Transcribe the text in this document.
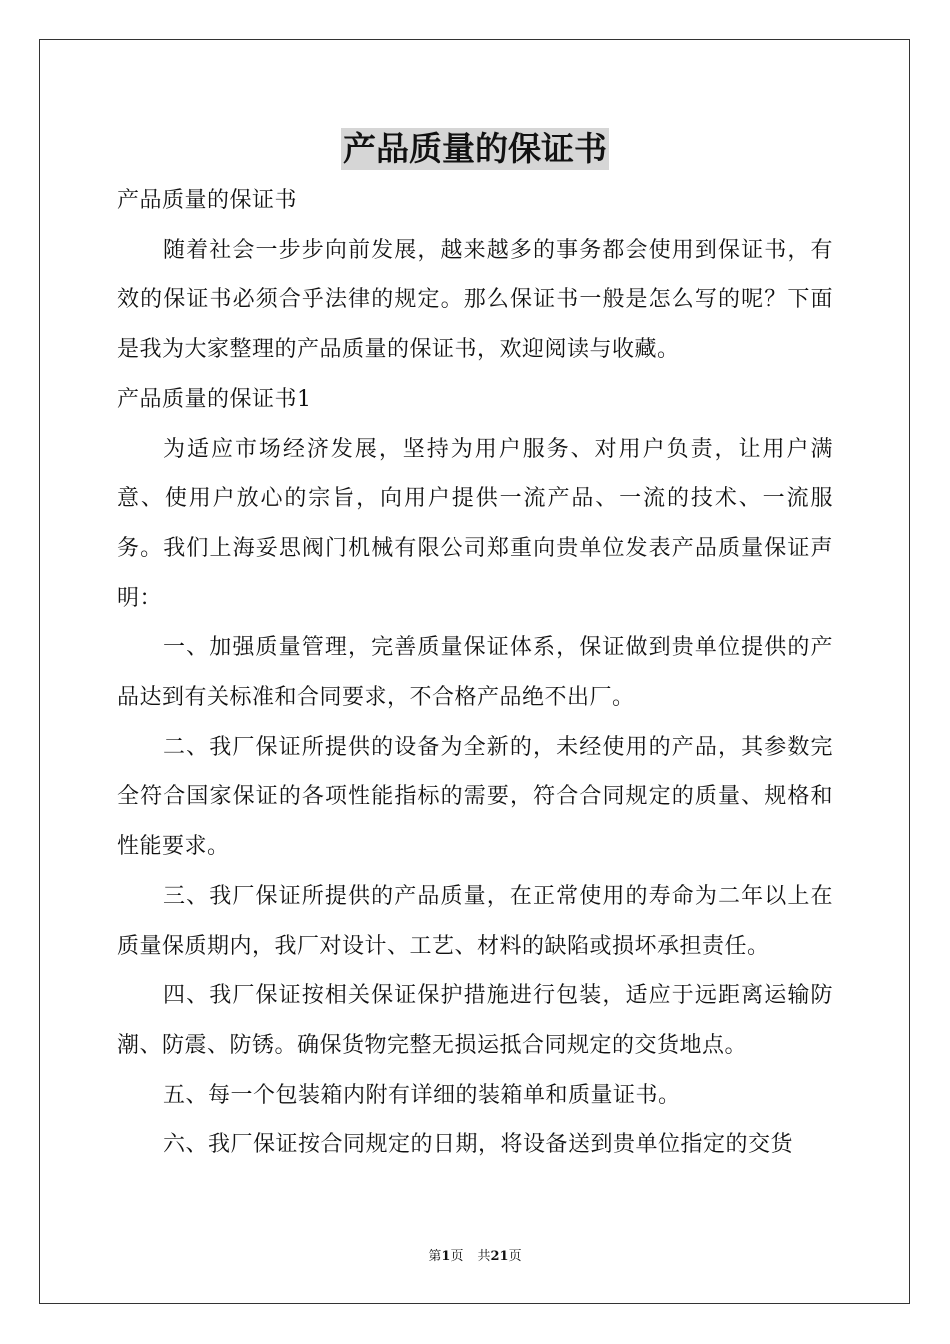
产品质量的保证书

产品质量的保证书

随着社会一步步向前发展，越来越多的事务都会使用到保证书，有效的保证书必须合乎法律的规定。那么保证书一般是怎么写的呢？下面是我为大家整理的产品质量的保证书，欢迎阅读与收藏。

产品质量的保证书1

为适应市场经济发展，坚持为用户服务、对用户负责，让用户满意、使用户放心的宗旨，向用户提供一流产品、一流的技术、一流服务。我们上海妥思阀门机械有限公司郑重向贵单位发表产品质量保证声明：

一、加强质量管理，完善质量保证体系，保证做到贵单位提供的产品达到有关标准和合同要求，不合格产品绝不出厂。

二、我厂保证所提供的设备为全新的，未经使用的产品，其参数完全符合国家保证的各项性能指标的需要，符合合同规定的质量、规格和性能要求。

三、我厂保证所提供的产品质量，在正常使用的寿命为二年以上在质量保质期内，我厂对设计、工艺、材料的缺陷或损坏承担责任。

四、我厂保证按相关保证保护措施进行包装，适应于远距离运输防潮、防震、防锈。确保货物完整无损运抵合同规定的交货地点。

五、每一个包装箱内附有详细的装箱单和质量证书。

六、我厂保证按合同规定的日期，将设备送到贵单位指定的交货

第1页 共21页
